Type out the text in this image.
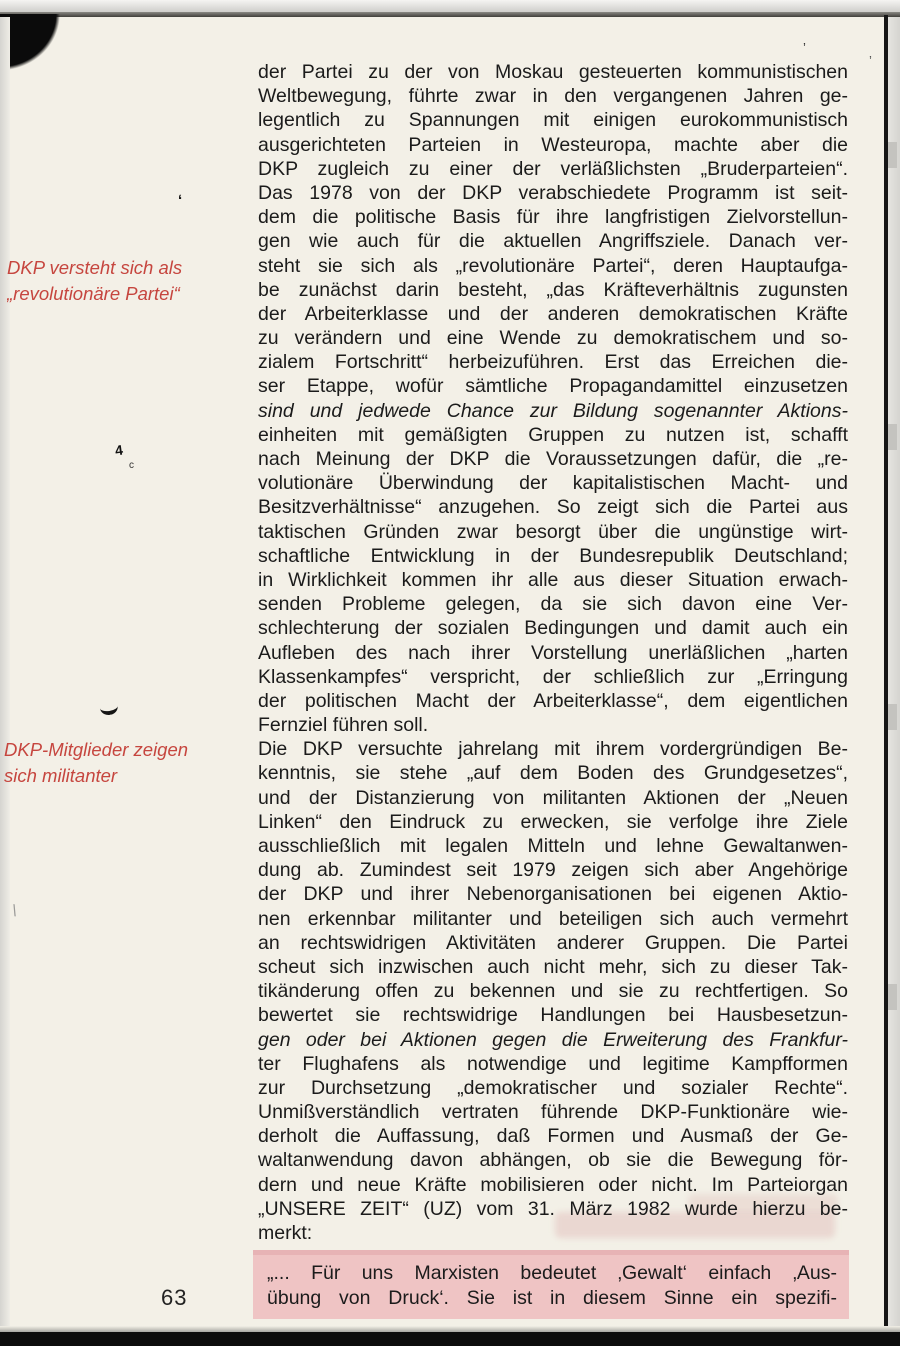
DKP versteht sich als
„revolutionäre Partei“
DKP-Mitglieder zeigen
sich militanter
der Partei zu der von Moskau gesteuerten kommunistischen
Weltbewegung, führte zwar in den vergangenen Jahren ge-
legentlich zu Spannungen mit einigen eurokommunistisch
ausgerichteten Parteien in Westeuropa, machte aber die
DKP zugleich zu einer der verläßlichsten „Bruderparteien“.
Das 1978 von der DKP verabschiedete Programm ist seit-
dem die politische Basis für ihre langfristigen Zielvorstellun-
gen wie auch für die aktuellen Angriffsziele. Danach ver-
steht sie sich als „revolutionäre Partei“, deren Hauptaufga-
be zunächst darin besteht, „das Kräfteverhältnis zugunsten
der Arbeiterklasse und der anderen demokratischen Kräfte
zu verändern und eine Wende zu demokratischem und so-
zialem Fortschritt“ herbeizuführen. Erst das Erreichen die-
ser Etappe, wofür sämtliche Propagandamittel einzusetzen
sind und jedwede Chance zur Bildung sogenannter Aktions-
einheiten mit gemäßigten Gruppen zu nutzen ist, schafft
nach Meinung der DKP die Voraussetzungen dafür, die „re-
volutionäre Überwindung der kapitalistischen Macht- und
Besitzverhältnisse“ anzugehen. So zeigt sich die Partei aus
taktischen Gründen zwar besorgt über die ungünstige wirt-
schaftliche Entwicklung in der Bundesrepublik Deutschland;
in Wirklichkeit kommen ihr alle aus dieser Situation erwach-
senden Probleme gelegen, da sie sich davon eine Ver-
schlechterung der sozialen Bedingungen und damit auch ein
Aufleben des nach ihrer Vorstellung unerläßlichen „harten
Klassenkampfes“ verspricht, der schließlich zur „Erringung
der politischen Macht der Arbeiterklasse“, dem eigentlichen
Fernziel führen soll.
Die DKP versuchte jahrelang mit ihrem vordergründigen Be-
kenntnis, sie stehe „auf dem Boden des Grundgesetzes“,
und der Distanzierung von militanten Aktionen der „Neuen
Linken“ den Eindruck zu erwecken, sie verfolge ihre Ziele
ausschließlich mit legalen Mitteln und lehne Gewaltanwen-
dung ab. Zumindest seit 1979 zeigen sich aber Angehörige
der DKP und ihrer Nebenorganisationen bei eigenen Aktio-
nen erkennbar militanter und beteiligen sich auch vermehrt
an rechtswidrigen Aktivitäten anderer Gruppen. Die Partei
scheut sich inzwischen auch nicht mehr, sich zu dieser Tak-
tikänderung offen zu bekennen und sie zu rechtfertigen. So
bewertet sie rechtswidrige Handlungen bei Hausbesetzun-
gen oder bei Aktionen gegen die Erweiterung des Frankfur-
ter Flughafens als notwendige und legitime Kampfformen
zur Durchsetzung „demokratischer und sozialer Rechte“.
Unmißverständlich vertraten führende DKP-Funktionäre wie-
derholt die Auffassung, daß Formen und Ausmaß der Ge-
waltanwendung davon abhängen, ob sie die Bewegung för-
dern und neue Kräfte mobilisieren oder nicht. Im Parteiorgan
„UNSERE ZEIT“ (UZ) vom 31. März 1982 wurde hierzu be-
merkt:
„... Für uns Marxisten bedeutet ‚Gewalt‘ einfach ‚Aus-
übung von Druck‘. Sie ist in diesem Sinne ein spezifi-
63
ʻ
4
c
’
’
\
